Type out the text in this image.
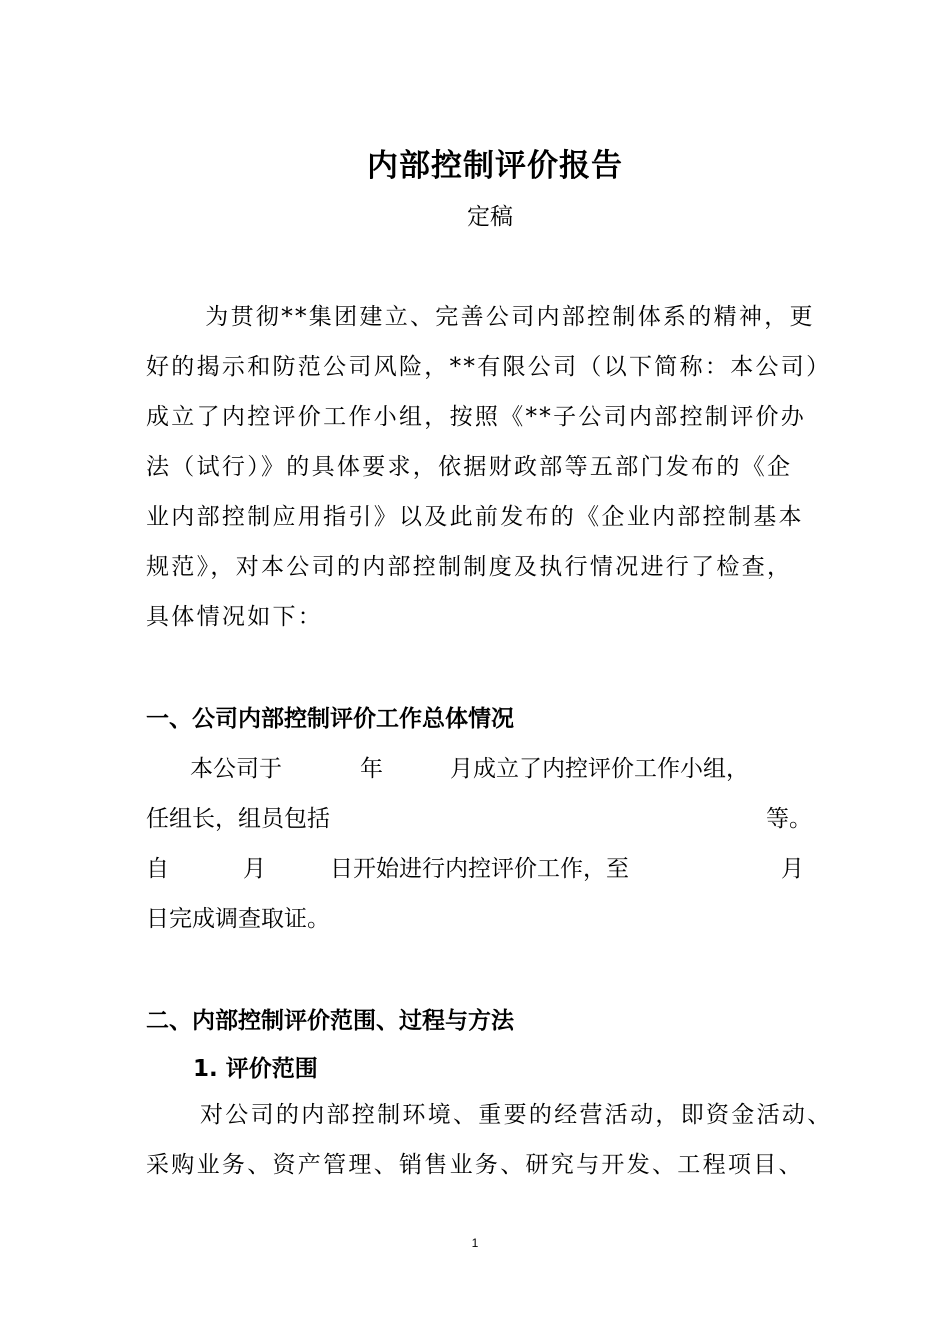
内部控制评价报告
定稿
　为贯彻**集团建立、完善公司内部控制体系的精神，更
好的揭示和防范公司风险，**有限公司（以下简称：本公司）
成立了内控评价工作小组，按照《**子公司内部控制评价办
法（试行）》的具体要求，依据财政部等五部门发布的《企
业内部控制应用指引》以及此前发布的《企业内部控制基本
规范》，对本公司的内部控制制度及执行情况进行了检查，
具体情况如下：
一、公司内部控制评价工作总体情况
本公司于	年	月成立了内控评价工作小组，
任组长，组员包括	等。
自	月	日开始进行内控评价工作，至	月
日完成调查取证。
二、内部控制评价范围、过程与方法
1. 评价范围
对公司的内部控制环境、重要的经营活动，即资金活动、
采购业务、资产管理、销售业务、研究与开发、工程项目、
1
